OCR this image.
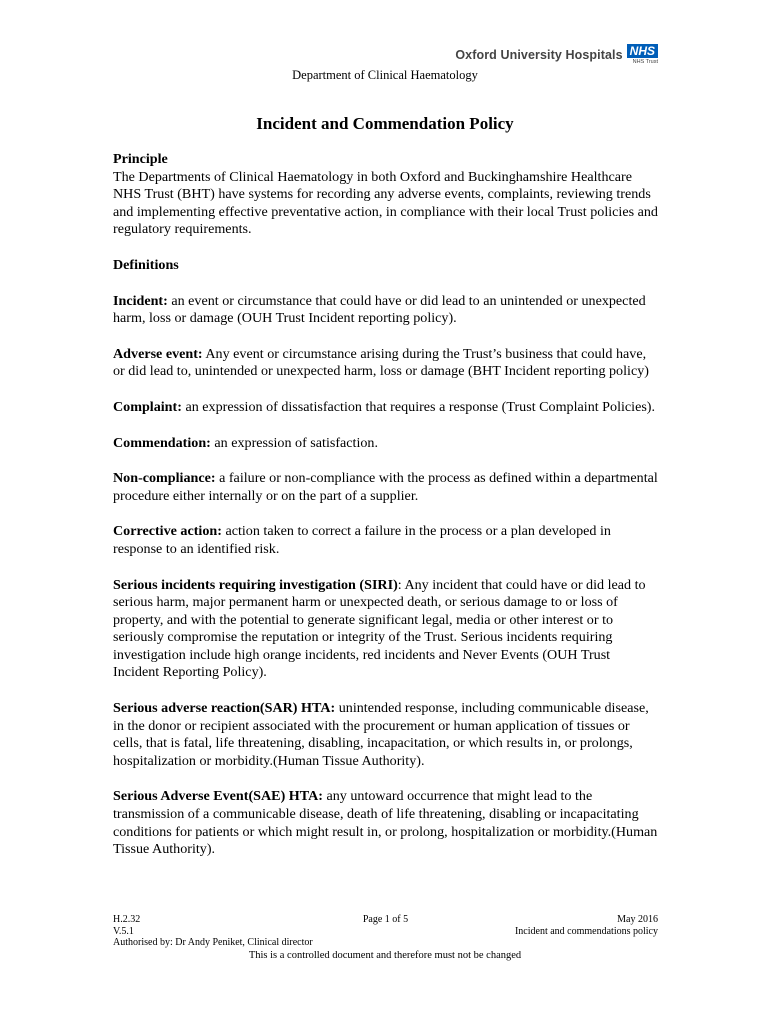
Oxford University Hospitals NHS
NHS Trust
Department of Clinical Haematology
Incident and Commendation Policy

Principle

The Departments of Clinical Haematology in both Oxford and Buckinghamshire Healthcare NHS Trust (BHT) have systems for recording any adverse events, complaints, reviewing trends and implementing effective preventative action, in compliance with their local Trust policies and regulatory requirements.

Definitions

Incident: an event or circumstance that could have or did lead to an unintended or unexpected harm, loss or damage (OUH Trust Incident reporting policy).

Adverse event: Any event or circumstance arising during the Trust’s business that could have, or did lead to, unintended or unexpected harm, loss or damage (BHT Incident reporting policy)

Complaint: an expression of dissatisfaction that requires a response (Trust Complaint Policies).

Commendation: an expression of satisfaction.

Non-compliance: a failure or non-compliance with the process as defined within a departmental procedure either internally or on the part of a supplier.

Corrective action: action taken to correct a failure in the process or a plan developed in response to an identified risk.

Serious incidents requiring investigation (SIRI): Any incident that could have or did lead to serious harm, major permanent harm or unexpected death, or serious damage to or loss of property, and with the potential to generate significant legal, media or other interest or to seriously compromise the reputation or integrity of the Trust. Serious incidents requiring investigation include high orange incidents, red incidents and Never Events (OUH Trust Incident Reporting Policy).

Serious adverse reaction(SAR) HTA: unintended response, including communicable disease, in the donor or recipient associated with the procurement or human application of tissues or cells, that is fatal, life threatening, disabling, incapacitation, or which results in, or prolongs, hospitalization or morbidity.(Human Tissue Authority).

Serious Adverse Event(SAE) HTA: any untoward occurrence that might lead to the transmission of a communicable disease, death of life threatening, disabling or incapacitating conditions for patients or which might result in, or prolong, hospitalization or morbidity.(Human Tissue Authority).

H.2.32	Page 1 of 5	May 2016
V.5.1	Incident and commendations policy
Authorised by: Dr Andy Peniket, Clinical director
This is a controlled document and therefore must not be changed
